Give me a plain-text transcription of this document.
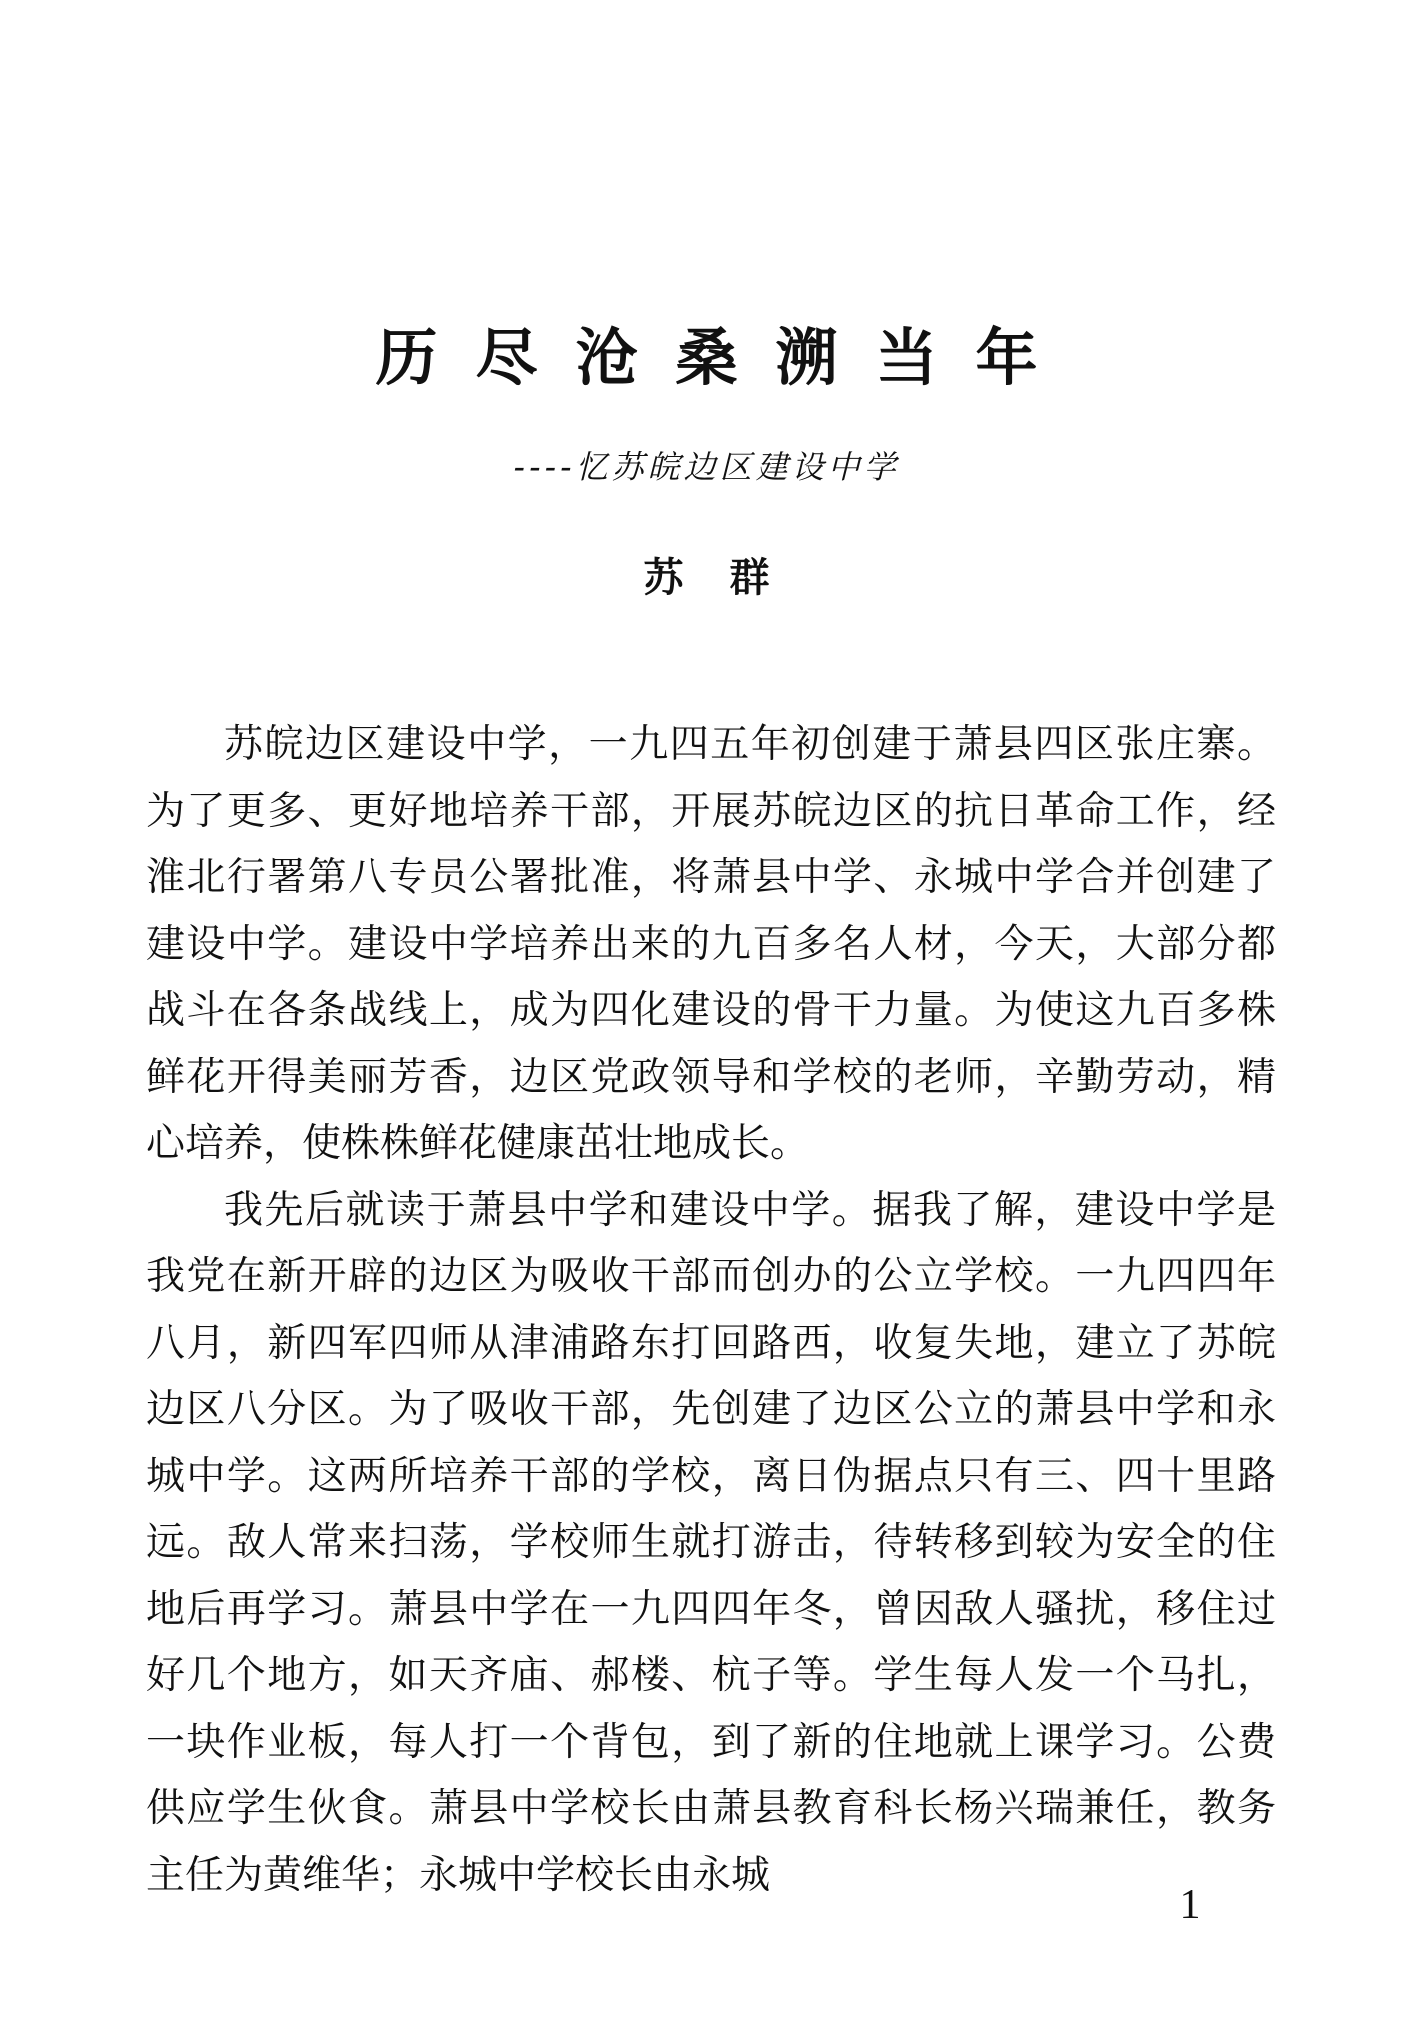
历尽沧桑溯当年
----忆苏皖边区建设中学
苏群

苏皖边区建设中学，一九四五年初创建于萧县四区张庄寨。为了更多、更好地培养干部，开展苏皖边区的抗日革命工作，经淮北行署第八专员公署批准，将萧县中学、永城中学合并创建了建设中学。建设中学培养出来的九百多名人材，今天，大部分都战斗在各条战线上，成为四化建设的骨干力量。为使这九百多株鲜花开得美丽芳香，边区党政领导和学校的老师，辛勤劳动，精心培养，使株株鲜花健康茁壮地成长。

我先后就读于萧县中学和建设中学。据我了解，建设中学是我党在新开辟的边区为吸收干部而创办的公立学校。一九四四年八月，新四军四师从津浦路东打回路西，收复失地，建立了苏皖边区八分区。为了吸收干部，先创建了边区公立的萧县中学和永城中学。这两所培养干部的学校，离日伪据点只有三、四十里路远。敌人常来扫荡，学校师生就打游击，待转移到较为安全的住地后再学习。萧县中学在一九四四年冬，曾因敌人骚扰，移住过好几个地方，如天齐庙、郝楼、杭子等。学生每人发一个马扎，一块作业板，每人打一个背包，到了新的住地就上课学习。公费供应学生伙食。萧县中学校长由萧县教育科长杨兴瑞兼任，教务主任为黄维华；永城中学校长由永城

1
